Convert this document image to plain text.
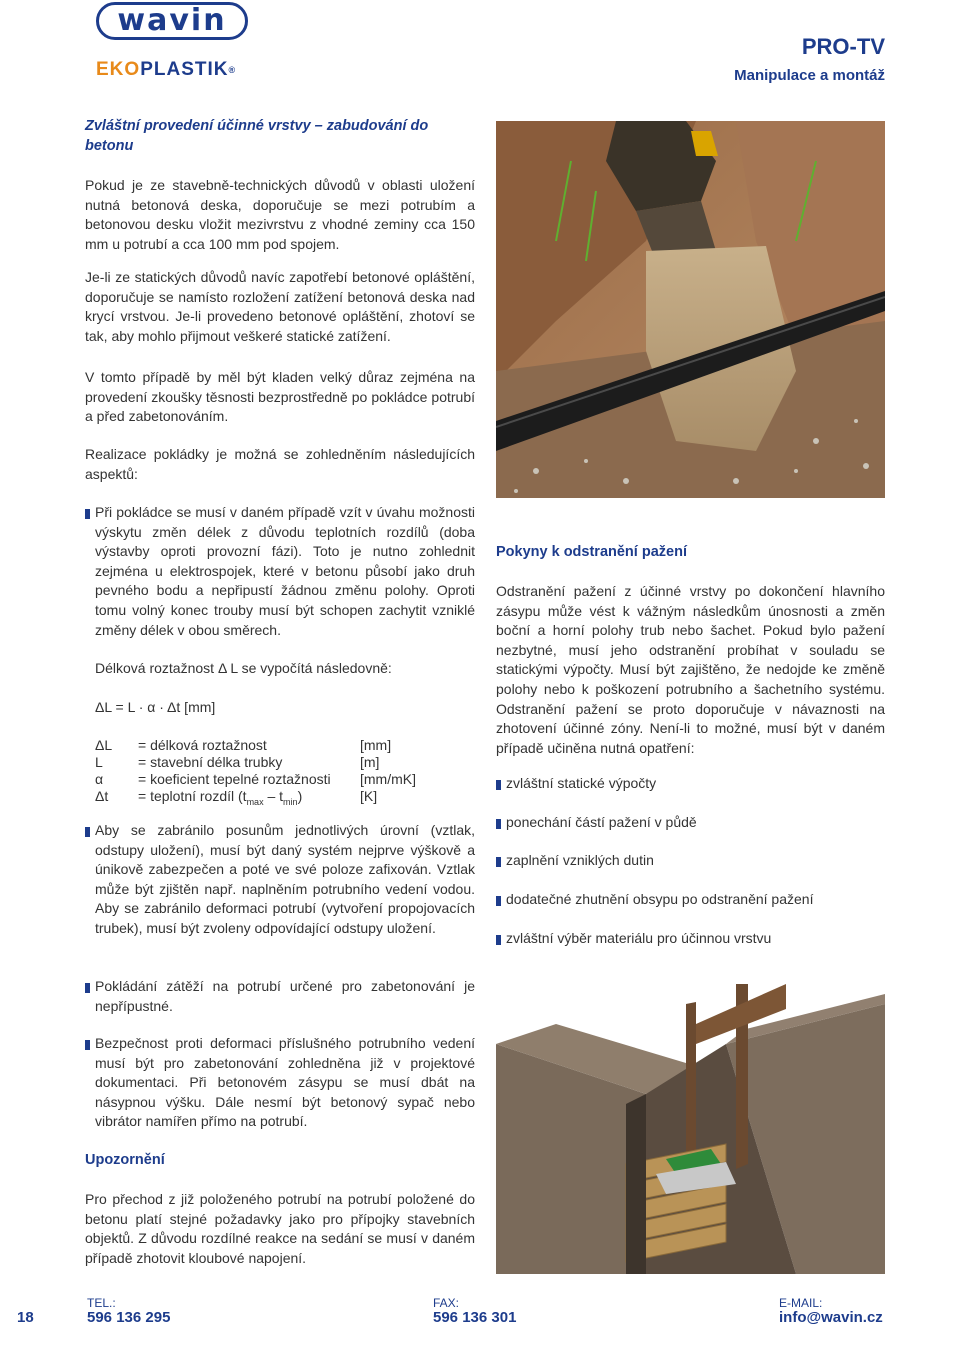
wavin
EKOPLASTIK®
PRO-TV
Manipulace a montáž
Zvláštní provedení účinné vrstvy – zabudování do betonu
Pokud je ze stavebně-technických důvodů v oblasti uložení nutná betonová deska, doporučuje se mezi potrubím a betonovou desku vložit mezivrstvu z vhodné zeminy cca 150 mm u potrubí a cca 100 mm pod spojem.
Je-li ze statických důvodů navíc zapotřebí betonové opláštění, doporučuje se namísto rozložení zatížení betonová deska nad krycí vrstvou. Je-li provedeno betonové opláštění, zhotoví se tak, aby mohlo přijmout veškeré statické zatížení.
V tomto případě by měl být kladen velký důraz zejména na provedení zkoušky těsnosti bezprostředně po pokládce potrubí a před zabetonováním.
Realizace pokládky je možná se zohledněním následujících aspektů:
Při pokládce se musí v daném případě vzít v úvahu možnosti výskytu změn délek z důvodu teplotních rozdílů (doba výstavby oproti provozní fázi). Toto je nutno zohlednit zejména u elektrospojek, které v betonu působí jako druh pevného bodu a nepřipustí žádnou změnu polohy. Oproti tomu volný konec trouby musí být schopen zachytit vzniklé změny délek v obou směrech.
Délková roztažnost Δ L se vypočítá následovně:
ΔL = L · α · Δt [mm]
ΔL = délková roztažnost	[mm]
L	= stavební délka trubky	[m]
α = koeficient tepelné roztažnosti [mm/mK]
Δt = teplotní rozdíl $(t_{max} - t_{min})$	[K]
Aby se zabránilo posunům jednotlivých úrovní (vztlak, odstupy uložení), musí být daný systém nejprve výškově a únikově zabezpečen a poté ve své poloze zafixován. Vztlak může být zjištěn např. naplněním potrubního vedení vodou. Aby se zabránilo deformaci potrubí (vytvoření propojovacích trubek), musí být zvoleny odpovídající odstupy uložení.
Pokládání zátěží na potrubí určené pro zabetonování je nepřípustné.
Bezpečnost proti deformaci příslušného potrubního vedení musí být pro zabetonování zohledněna již v projektové dokumentaci. Při betonovém zásypu se musí dbát na násypnou výšku. Dále nesmí být betonový sypač nebo vibrátor namířen přímo na potrubí.
Upozornění
Pro přechod z již položeného potrubí na potrubí položené do betonu platí stejné požadavky jako pro přípojky stavebních objektů. Z důvodu rozdílné reakce na sedání se musí v daném případě zhotovit kloubové napojení.
Pokyny k odstranění pažení
Odstranění pažení z účinné vrstvy po dokončení hlavního zásypu může vést k vážným následkům únosnosti a změn boční a horní polohy trub nebo šachet. Pokud bylo pažení nezbytné, musí jeho odstranění probíhat v souladu se statickými výpočty. Musí být zajištěno, že nedojde ke změně polohy nebo k poškození potrubního a šachetního systému. Odstranění pažení se proto doporučuje v návaznosti na zhotovení účinné zóny. Není-li to možné, musí být v daném případě učiněna nutná opatření:
zvláštní statické výpočty
ponechání částí pažení v půdě
zaplnění vzniklých dutin
dodatečné zhutnění obsypu po odstranění pažení
zvláštní výběr materiálu pro účinnou vrstvu
18
TEL.:
596 136 295
FAX:
596 136 301
E-MAIL:
info@wavin.cz
